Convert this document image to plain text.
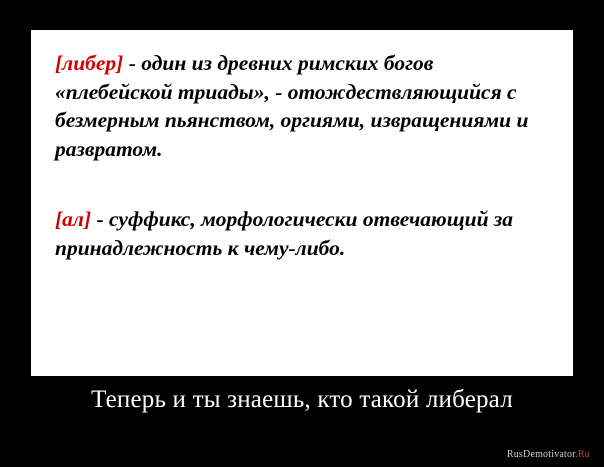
[либер] - один из древних римских богов «плебейской триады», - отождествляющийся с безмерным пьянством, оргиями, извращениями и развратом.

[ал] - суффикс, морфологически отвечающий за принадлежность к чему-либо.

Теперь и ты знаешь, кто такой либерал
RusDemotivator.Ru
